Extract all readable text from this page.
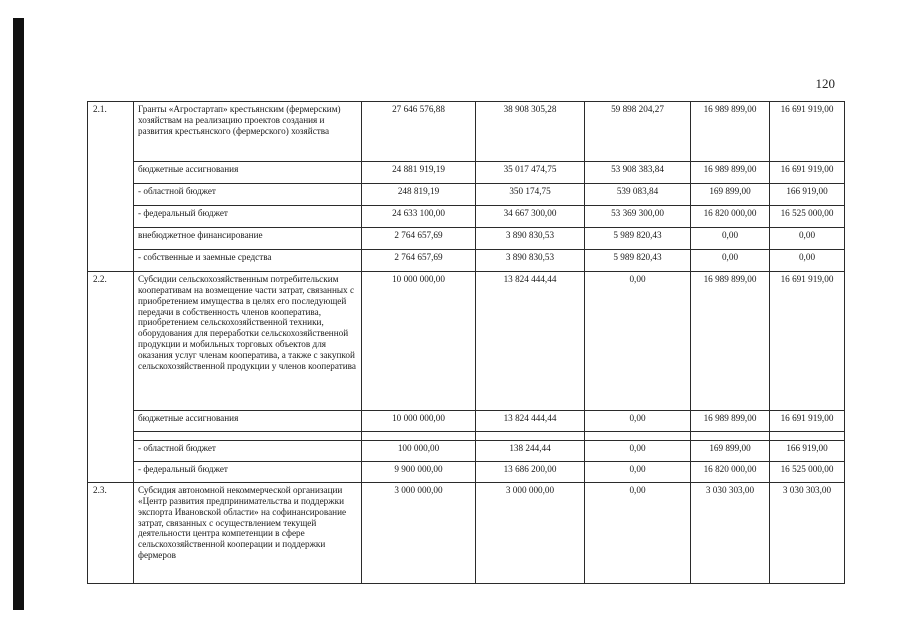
120
2.1.	Гранты «Агростартап» крестьянским (фермерским) хозяйствам на реализацию проектов создания и развития крестьянского (фермерского) хозяйства	27 646 576,88	38 908 305,28	59 898 204,27	16 989 899,00	16 691 919,00
	бюджетные ассигнования	24 881 919,19	35 017 474,75	53 908 383,84	16 989 899,00	16 691 919,00
	- областной бюджет	248 819,19	350 174,75	539 083,84	169 899,00	166 919,00
	- федеральный бюджет	24 633 100,00	34 667 300,00	53 369 300,00	16 820 000,00	16 525 000,00
	внебюджетное финансирование	2 764 657,69	3 890 830,53	5 989 820,43	0,00	0,00
	- собственные и заемные средства	2 764 657,69	3 890 830,53	5 989 820,43	0,00	0,00
2.2.	Субсидии сельскохозяйственным потребительским кооперативам на возмещение части затрат, связанных с приобретением имущества в целях его последующей передачи в собственность членов кооператива, приобретением сельскохозяйственной техники, оборудования для переработки сельскохозяйственной продукции и мобильных торговых объектов для оказания услуг членам кооператива, а также с закупкой сельскохозяйственной продукции у членов кооператива	10 000 000,00	13 824 444,44	0,00	16 989 899,00	16 691 919,00
	бюджетные ассигнования	10 000 000,00	13 824 444,44	0,00	16 989 899,00	16 691 919,00

	- областной бюджет	100 000,00	138 244,44	0,00	169 899,00	166 919,00
	- федеральный бюджет	9 900 000,00	13 686 200,00	0,00	16 820 000,00	16 525 000,00
2.3.	Субсидия автономной некоммерческой организации «Центр развития предпринимательства и поддержки экспорта Ивановской области» на софинансирование затрат, связанных с осуществлением текущей деятельности центра компетенции в сфере сельскохозяйственной кооперации и поддержки фермеров	3 000 000,00	3 000 000,00	0,00	3 030 303,00	3 030 303,00
